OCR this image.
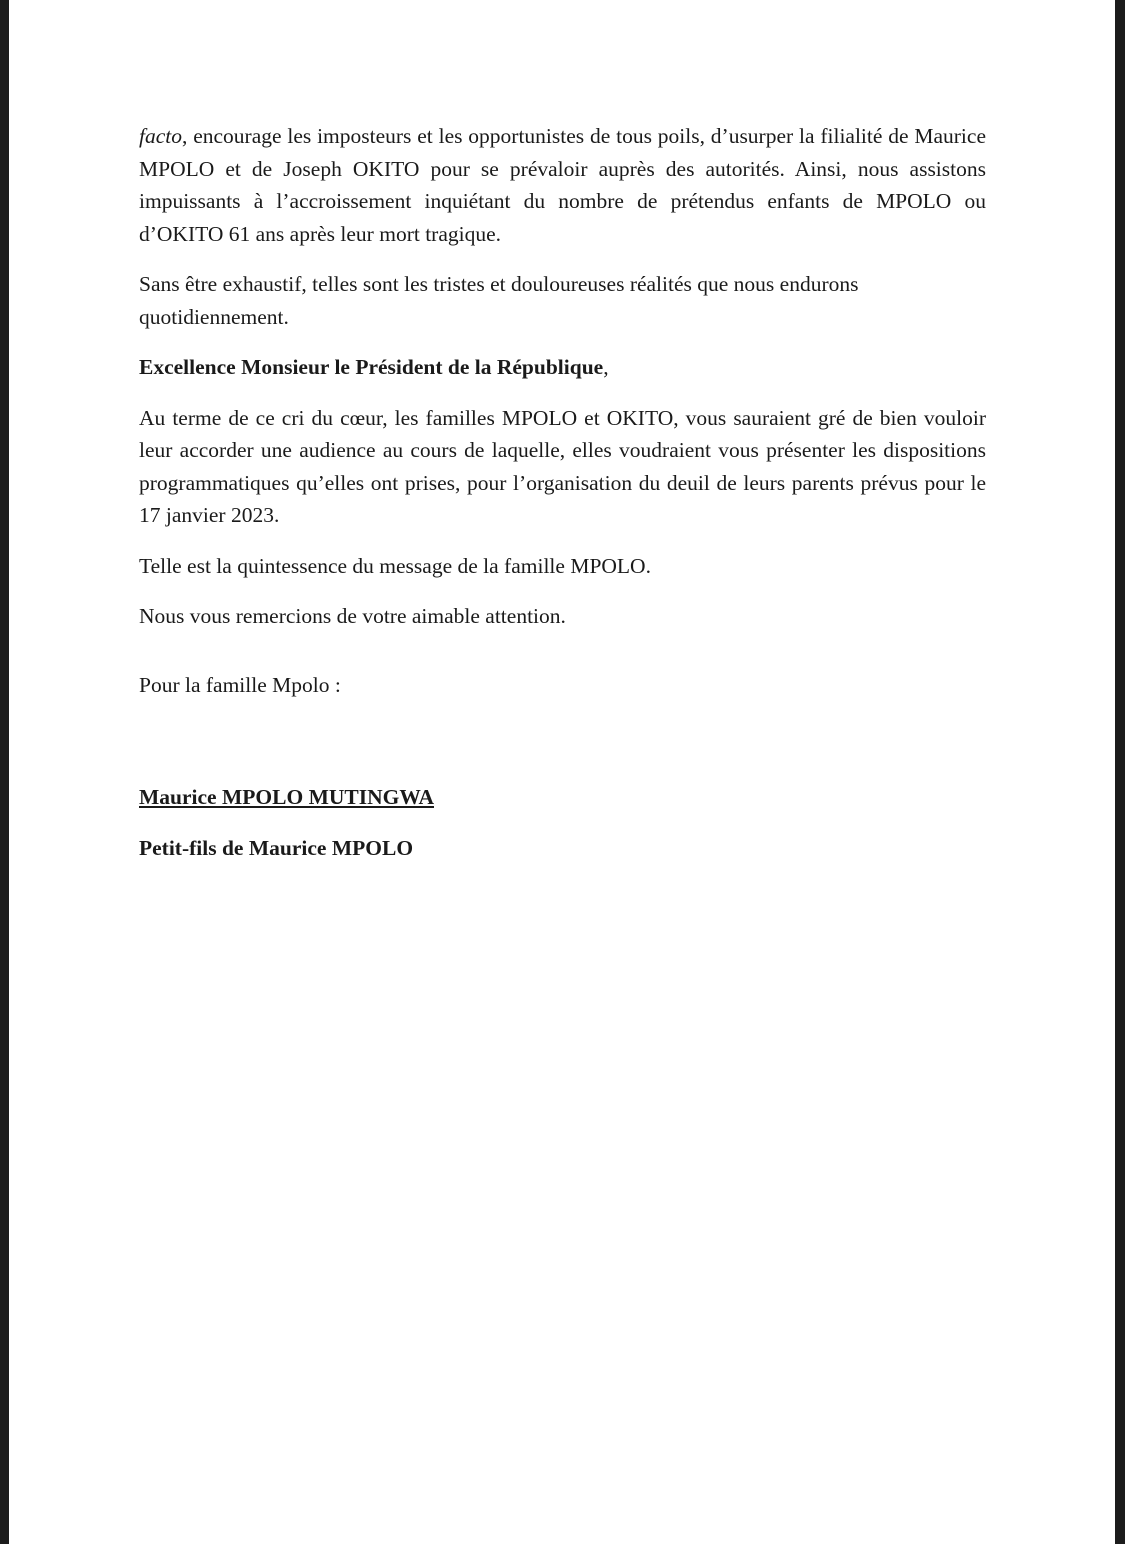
facto, encourage les imposteurs et les opportunistes de tous poils, d’usurper la filialité de Maurice MPOLO et de Joseph OKITO pour se prévaloir auprès des autorités. Ainsi, nous assistons impuissants à l’accroissement inquiétant du nombre de prétendus enfants de MPOLO ou d’OKITO 61 ans après leur mort tragique.

Sans être exhaustif, telles sont les tristes et douloureuses réalités que nous endurons quotidiennement.

Excellence Monsieur le Président de la République,

Au terme de ce cri du cœur, les familles MPOLO et OKITO, vous sauraient gré de bien vouloir leur accorder une audience au cours de laquelle, elles voudraient vous présenter les dispositions programmatiques qu’elles ont prises, pour l’organisation du deuil de leurs parents prévus pour le 17 janvier 2023.

Telle est la quintessence du message de la famille MPOLO.

Nous vous remercions de votre aimable attention.

Pour la famille Mpolo :

Maurice MPOLO MUTINGWA

Petit-fils de Maurice MPOLO
